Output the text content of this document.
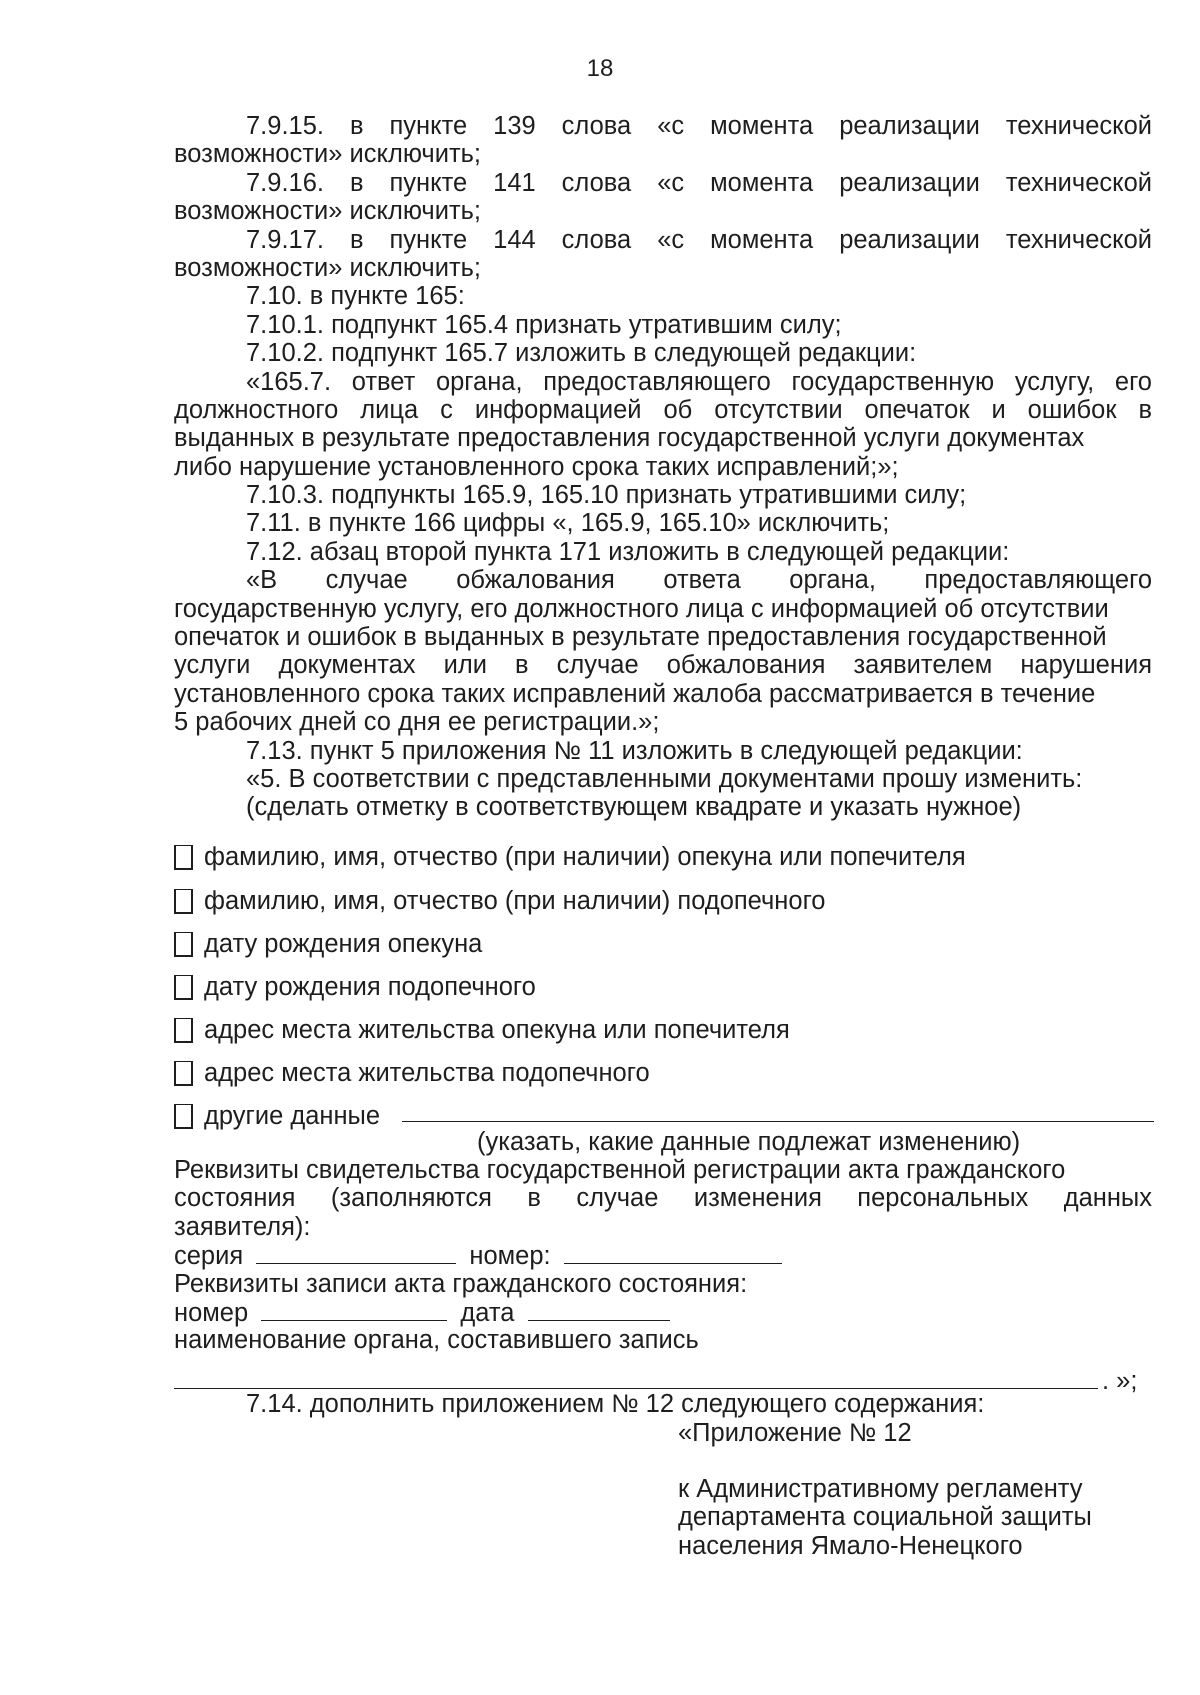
18
7.9.15. в пункте 139 слова «с момента реализации технической
возможности» исключить;
7.9.16. в пункте 141 слова «с момента реализации технической
возможности» исключить;
7.9.17. в пункте 144 слова «с момента реализации технической
возможности» исключить;
7.10. в пункте 165:
7.10.1. подпункт 165.4 признать утратившим силу;
7.10.2. подпункт 165.7 изложить в следующей редакции:
«165.7. ответ органа, предоставляющего государственную услугу, его
должностного лица с информацией об отсутствии опечаток и ошибок в
выданных в результате предоставления государственной услуги документах
либо нарушение установленного срока таких исправлений;»;
7.10.3. подпункты 165.9, 165.10 признать утратившими силу;
7.11. в пункте 166 цифры «, 165.9, 165.10» исключить;
7.12. абзац второй пункта 171 изложить в следующей редакции:
«В случае обжалования ответа органа, предоставляющего
государственную услугу, его должностного лица с информацией об отсутствии
опечаток и ошибок в выданных в результате предоставления государственной
услуги документах или в случае обжалования заявителем нарушения
установленного срока таких исправлений жалоба рассматривается в течение
5 рабочих дней со дня ее регистрации.»;
7.13. пункт 5 приложения № 11 изложить в следующей редакции:
«5. В соответствии с представленными документами прошу изменить:
(сделать отметку в соответствующем квадрате и указать нужное)
фамилию, имя, отчество (при наличии) опекуна или попечителя
фамилию, имя, отчество (при наличии) подопечного
дату рождения опекуна
дату рождения подопечного
адрес места жительства опекуна или попечителя
адрес места жительства подопечного
другие данные
(указать, какие данные подлежат изменению)
Реквизиты свидетельства государственной регистрации акта гражданского
состояния (заполняются в случае изменения персональных данных
заявителя):
серия	номер:
Реквизиты записи акта гражданского состояния:
номер	дата
наименование органа, составившего запись
. »;
7.14. дополнить приложением № 12 следующего содержания:
«Приложение № 12
к Административному регламенту
департамента социальной защиты
населения Ямало-Ненецкого
